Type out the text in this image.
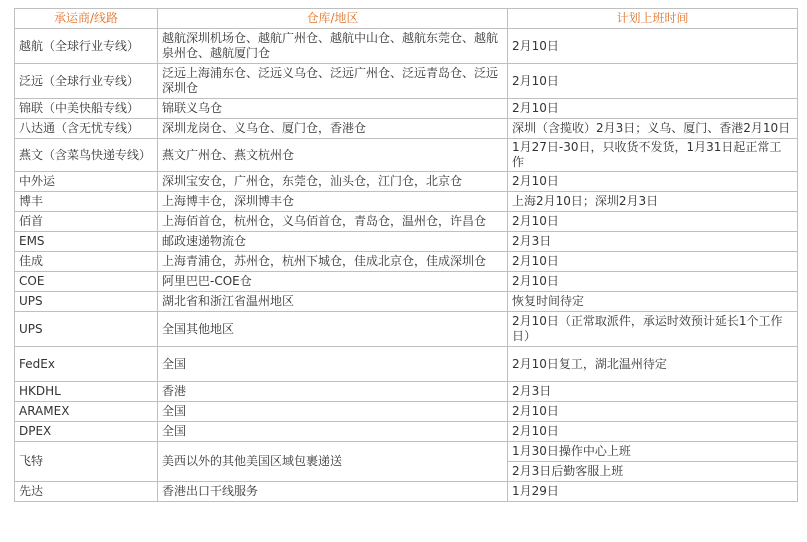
承运商/线路	仓库/地区	计划上班时间
越航（全球行业专线）	越航深圳机场仓、越航广州仓、越航中山仓、越航东莞仓、越航泉州仓、越航厦门仓	2月10日
泛远（全球行业专线）	泛远上海浦东仓、泛远义乌仓、泛远广州仓、泛远青岛仓、泛远深圳仓	2月10日
锦联（中美快船专线）	锦联义乌仓	2月10日
八达通（含无忧专线）	深圳龙岗仓、义乌仓、厦门仓，香港仓	深圳（含揽收）2月3日；义乌、厦门、香港2月10日
燕文（含菜鸟快递专线）	燕文广州仓、燕文杭州仓	1月27日-30日，只收货不发货，1月31日起正常工作
中外运	深圳宝安仓，广州仓，东莞仓，汕头仓，江门仓，北京仓	2月10日
博丰	上海博丰仓，深圳博丰仓	上海2月10日；深圳2月3日
佰首	上海佰首仓，杭州仓，义乌佰首仓，青岛仓，温州仓，许昌仓	2月10日
EMS	邮政速递物流仓	2月3日
佳成	上海青浦仓，苏州仓，杭州下城仓，佳成北京仓，佳成深圳仓	2月10日
COE	阿里巴巴-COE仓	2月10日
UPS	湖北省和浙江省温州地区	恢复时间待定
UPS	全国其他地区	2月10日（正常取派件，承运时效预计延长1个工作日）
FedEx	全国	2月10日复工，湖北温州待定
HKDHL	香港	2月3日
ARAMEX	全国	2月10日
DPEX	全国	2月10日
飞特	美西以外的其他美国区域包裹递送	1月30日操作中心上班
		2月3日后勤客服上班
先达	香港出口干线服务	1月29日
